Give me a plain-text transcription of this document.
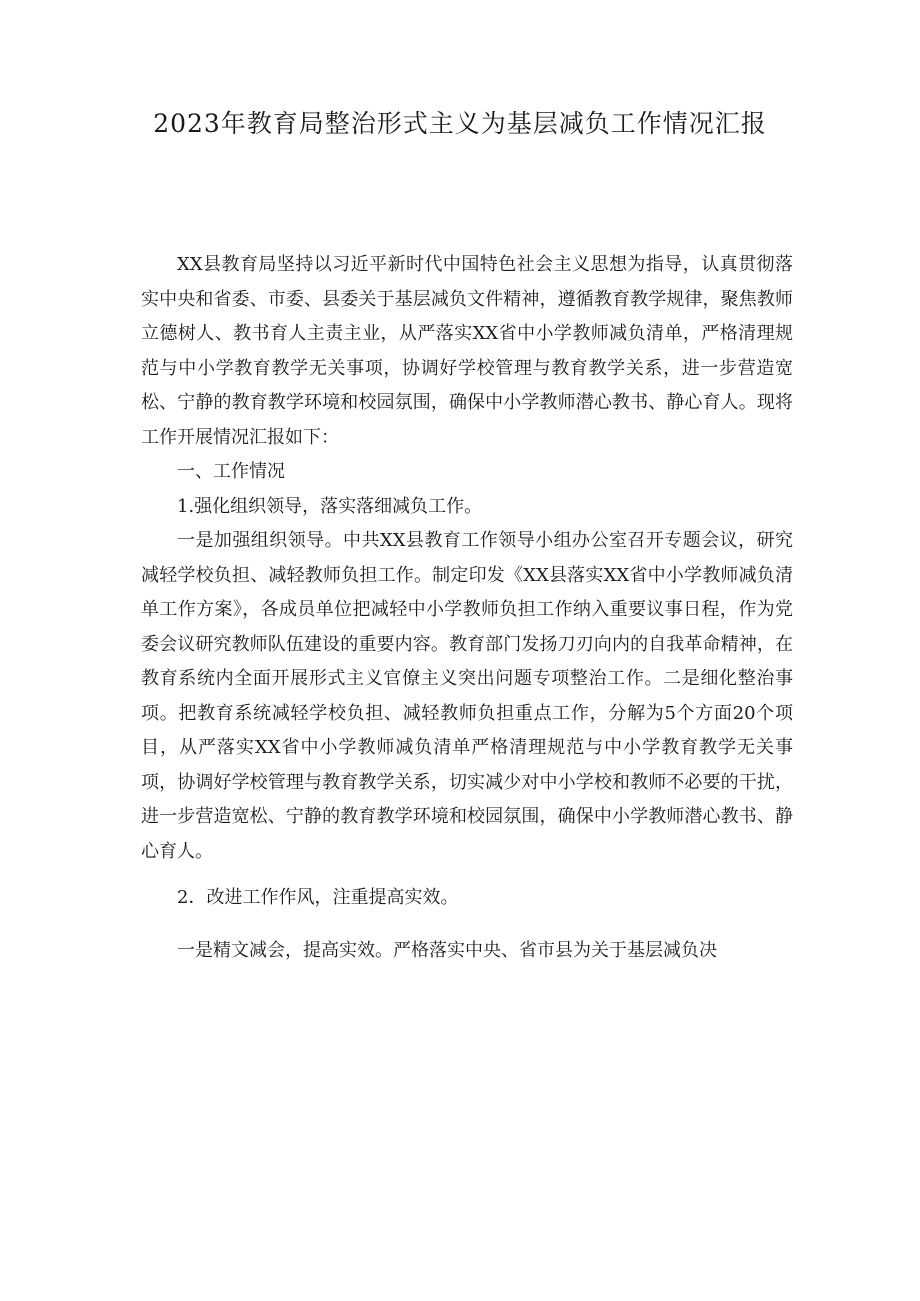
2023年教育局整治形式主义为基层减负工作情况汇报

XX县教育局坚持以习近平新时代中国特色社会主义思想为指导，认真贯彻落实中央和省委、市委、县委关于基层减负文件精神，遵循教育教学规律，聚焦教师立德树人、教书育人主责主业，从严落实XX省中小学教师减负清单，严格清理规范与中小学教育教学无关事项，协调好学校管理与教育教学关系，进一步营造宽松、宁静的教育教学环境和校园氛围，确保中小学教师潜心教书、静心育人。现将工作开展情况汇报如下：

一、工作情况

1.强化组织领导，落实落细减负工作。

一是加强组织领导。中共XX县教育工作领导小组办公室召开专题会议，研究减轻学校负担、减轻教师负担工作。制定印发《XX县落实XX省中小学教师减负清单工作方案》，各成员单位把减轻中小学教师负担工作纳入重要议事日程，作为党委会议研究教师队伍建设的重要内容。教育部门发扬刀刃向内的自我革命精神，在教育系统内全面开展形式主义官僚主义突出问题专项整治工作。二是细化整治事项。把教育系统减轻学校负担、减轻教师负担重点工作，分解为5个方面20个项目，从严落实XX省中小学教师减负清单严格清理规范与中小学教育教学无关事项，协调好学校管理与教育教学关系，切实减少对中小学校和教师不必要的干扰，进一步营造宽松、宁静的教育教学环境和校园氛围，确保中小学教师潜心教书、静心育人。

2．改进工作作风，注重提高实效。

一是精文减会，提高实效。严格落实中央、省市县为关于基层减负决
